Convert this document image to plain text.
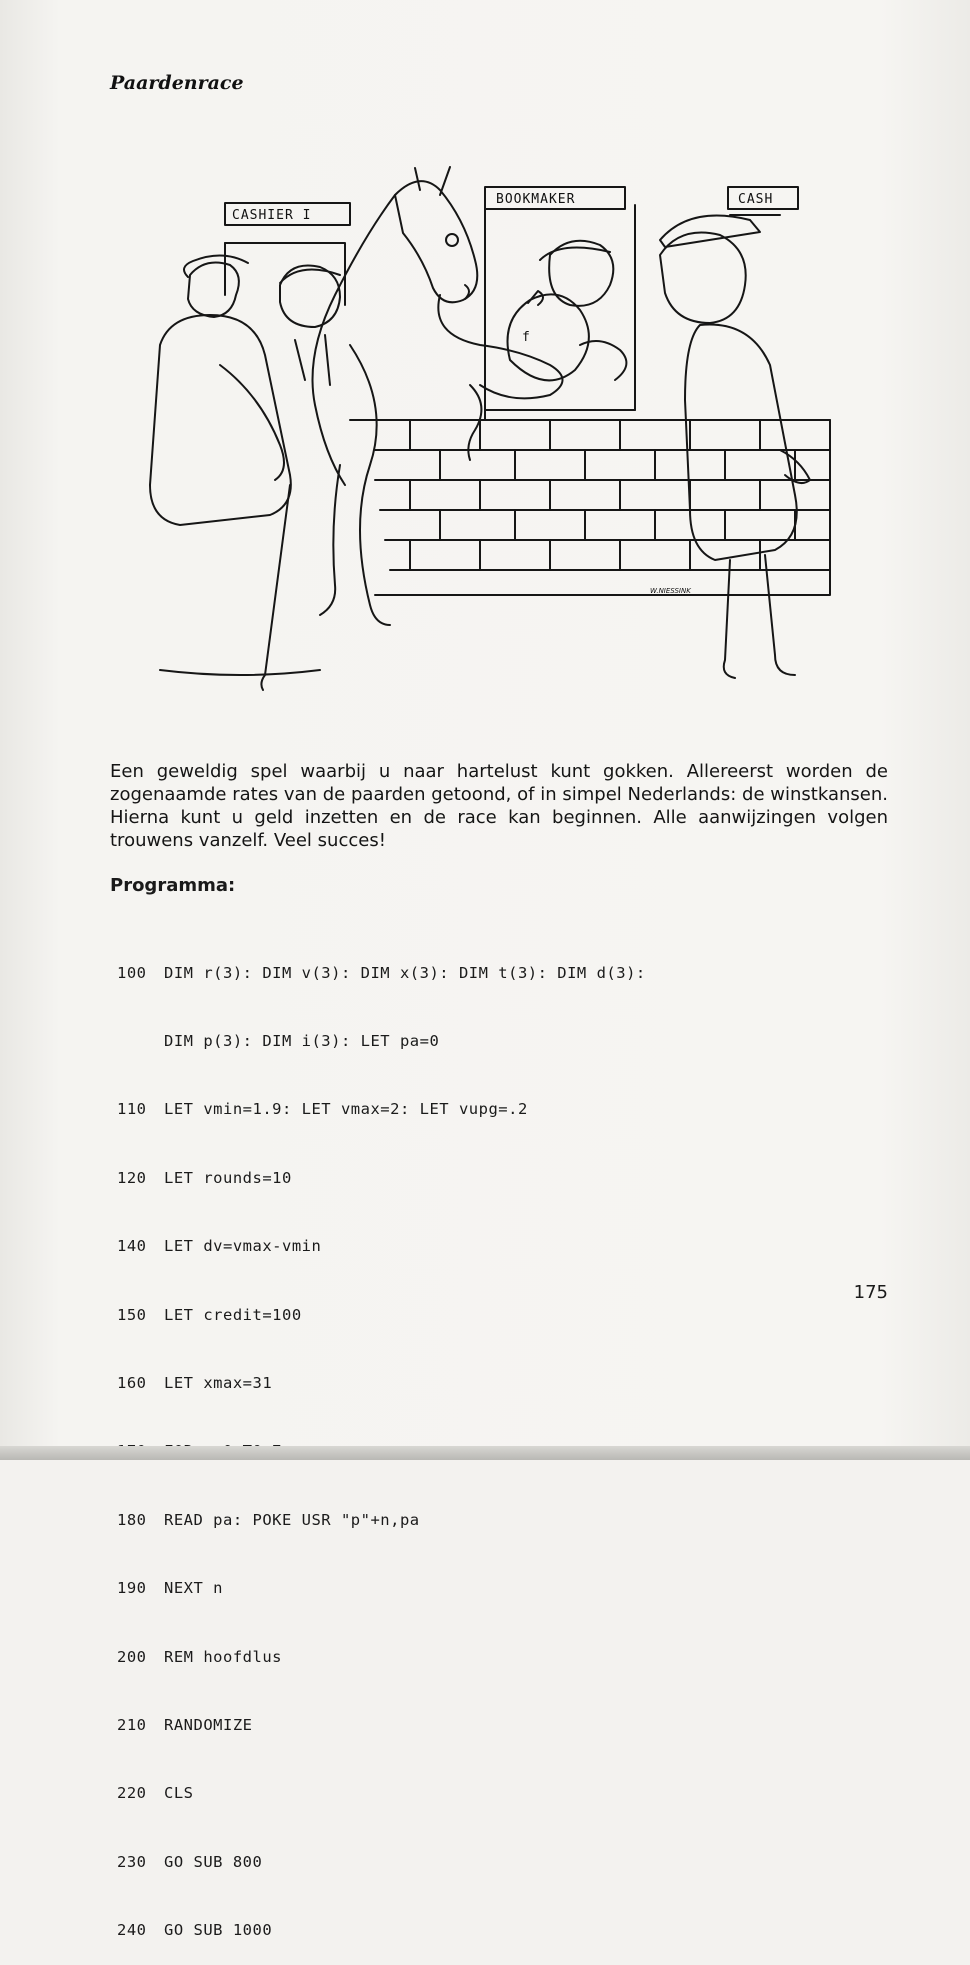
Paardenrace
CASHIER I
BOOKMAKER	CASH
f
W.NIESSINK

Een geweldig spel waarbij u naar hartelust kunt gokken. Allereerst worden de zogenaamde rates van de paarden getoond, of in simpel Nederlands: de winstkansen. Hierna kunt u geld inzetten en de race kan beginnen. Alle aanwijzingen volgen trouwens vanzelf. Veel succes!

Programma:

100 DIM r(3): DIM v(3): DIM x(3): DIM t(3): DIM d(3):

DIM p(3): DIM i(3): LET pa=0

110 LET vmin=1.9: LET vmax=2: LET vupg=.2

120 LET rounds=10

140 LET dv=vmax-vmin

150 LET credit=100

160 LET xmax=31

180 READ pa: POKE USR "p"+n,pa

190 NEXT n

200 REM hoofdlus

210 RANDOMIZE

220 CLS

230 GO SUB 800

240 GO SUB 1000

175
